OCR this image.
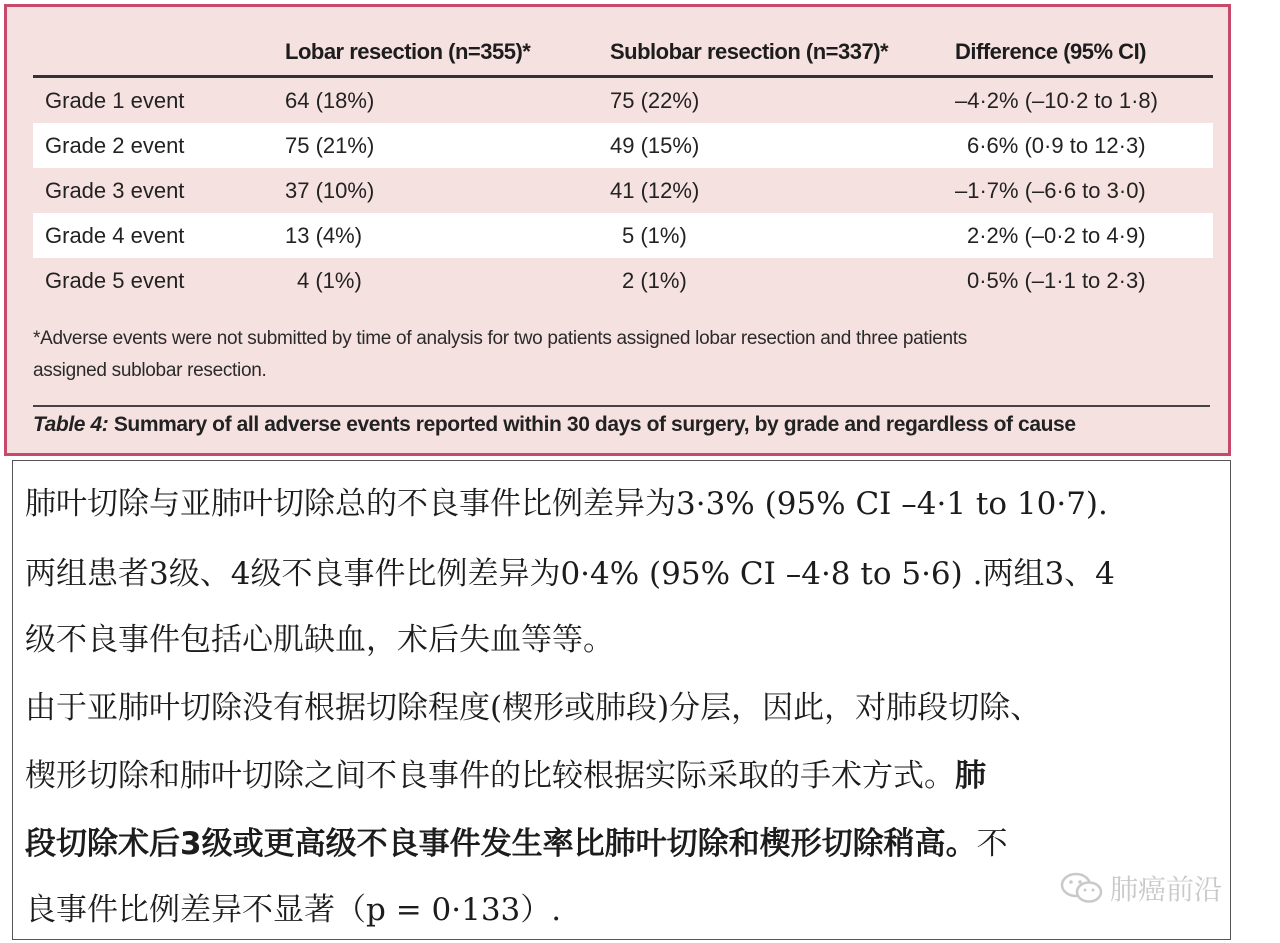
	Lobar resection (n=355)*	Sublobar resection (n=337)*	Difference (95% CI)
Grade 1 event	64 (18%)	75 (22%)	–4·2% (–10·2 to 1·8)
Grade 2 event	75 (21%)	49 (15%)	6·6% (0·9 to 12·3)
Grade 3 event	37 (10%)	41 (12%)	–1·7% (–6·6 to 3·0)
Grade 4 event	13 (4%)	5 (1%)	2·2% (–0·2 to 4·9)
Grade 5 event	4 (1%)	2 (1%)	0·5% (–1·1 to 2·3)
*Adverse events were not submitted by time of analysis for two patients assigned lobar resection and three patients
assigned sublobar resection.
Table 4: Summary of all adverse events reported within 30 days of surgery, by grade and regardless of cause
肺叶切除与亚肺叶切除总的不良事件比例差异为3·3% (95% CI –4·1 to 10·7).
两组患者3级、4级不良事件比例差异为0·4% (95% CI –4·8 to 5·6) .两组3、4
级不良事件包括心肌缺血，术后失血等等。
由于亚肺叶切除没有根据切除程度(楔形或肺段)分层，因此，对肺段切除、
楔形切除和肺叶切除之间不良事件的比较根据实际采取的手术方式。肺
段切除术后3级或更高级不良事件发生率比肺叶切除和楔形切除稍高。不
良事件比例差异不显著（p = 0·133）.
肺癌前沿
